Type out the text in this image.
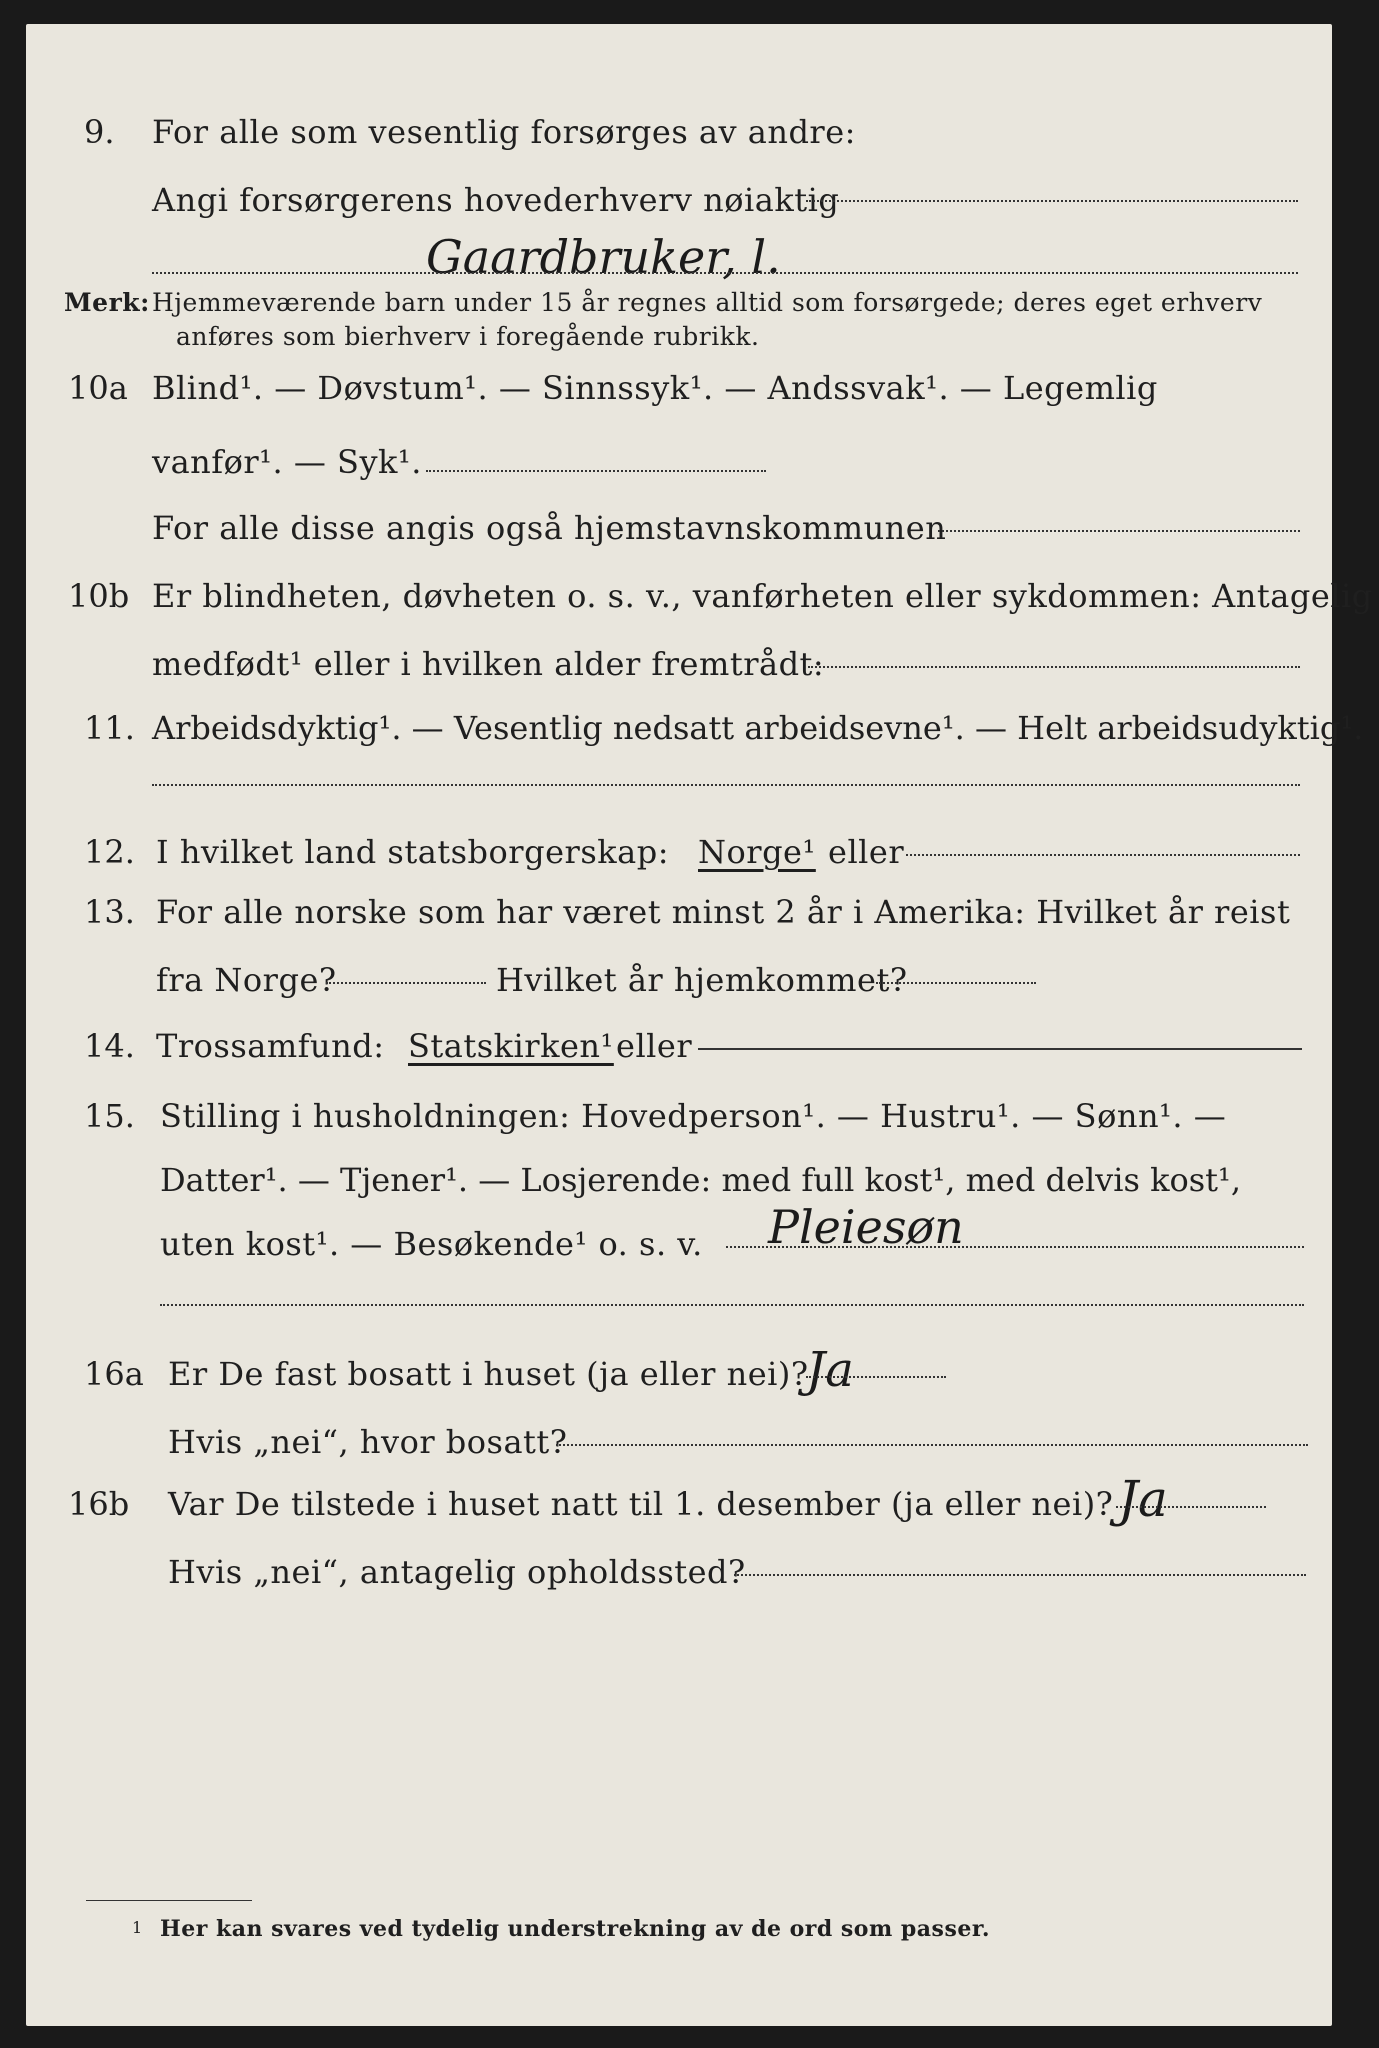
9. For alle som vesentlig forsørges av andre:
Angi forsørgerens hovederhverv nøiaktig
Gaardbruker, l.
Merk: Hjemmeværende barn under 15 år regnes alltid som forsørgede; deres eget erhverv
anføres som bierhverv i foregående rubrikk.
10a Blind¹. — Døvstum¹. — Sinnssyk¹. — Andssvak¹. — Legemlig
vanfør¹. — Syk¹.
For alle disse angis også hjemstavnskommunen
10b Er blindheten, døvheten o. s. v., vanførheten eller sykdommen: Antagelig
medfødt¹ eller i hvilken alder fremtrådt:
11. Arbeidsdyktig¹. — Vesentlig nedsatt arbeidsevne¹. — Helt arbeidsudyktig¹.
12. I hvilket land statsborgerskap: Norge¹ eller
13. For alle norske som har været minst 2 år i Amerika: Hvilket år reist
fra Norge?	Hvilket år hjemkommet?
14. Trossamfund: Statskirken¹ eller
15. Stilling i husholdningen: Hovedperson¹. — Hustru¹. — Sønn¹. —
Datter¹. — Tjener¹. — Losjerende: med full kost¹, med delvis kost¹,
uten kost¹. — Besøkende¹ o. s. v. Pleiesøn
16a Er De fast bosatt i huset (ja eller nei)?
Ja
Hvis „nei“, hvor bosatt?
16b Var De tilstede i huset natt til 1. desember (ja eller nei)? Ja
Hvis „nei“, antagelig opholdssted?
1 Her kan svares ved tydelig understrekning av de ord som passer.
